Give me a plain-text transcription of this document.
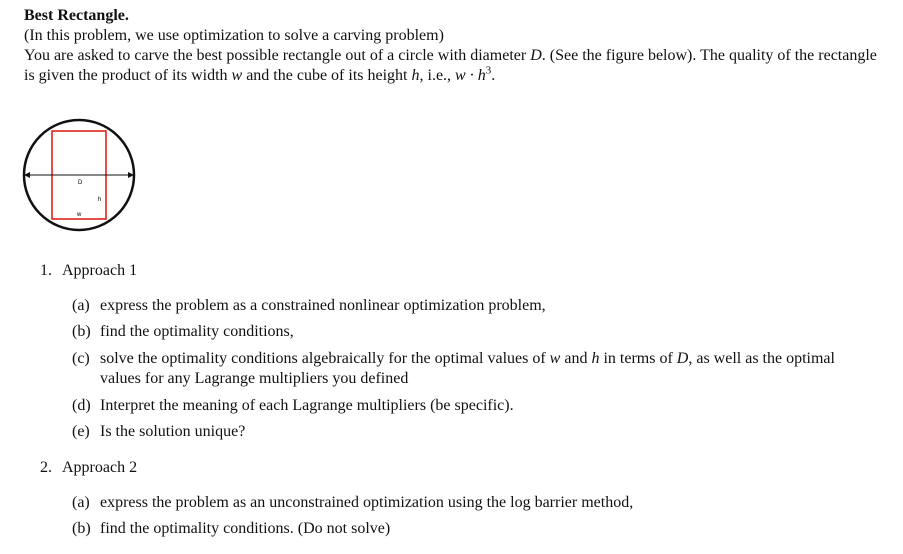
Best Rectangle.

(In this problem, we use optimization to solve a carving problem)

You are asked to carve the best possible rectangle out of a circle with diameter D. (See the figure below). The quality of the rectangle is given the product of its width w and the cube of its height h, i.e., $w \cdot h^3$.

D
h
w
1. Approach 1
(a) express the problem as a constrained nonlinear optimization problem,
(b) find the optimality conditions,
(c) solve the optimality conditions algebraically for the optimal values of w and h in terms of D, as well as the optimal values for any Lagrange multipliers you defined
(d) Interpret the meaning of each Lagrange multipliers (be specific).
(e) Is the solution unique?
2. Approach 2
(a) express the problem as an unconstrained optimization using the log barrier method,
(b) find the optimality conditions. (Do not solve)
